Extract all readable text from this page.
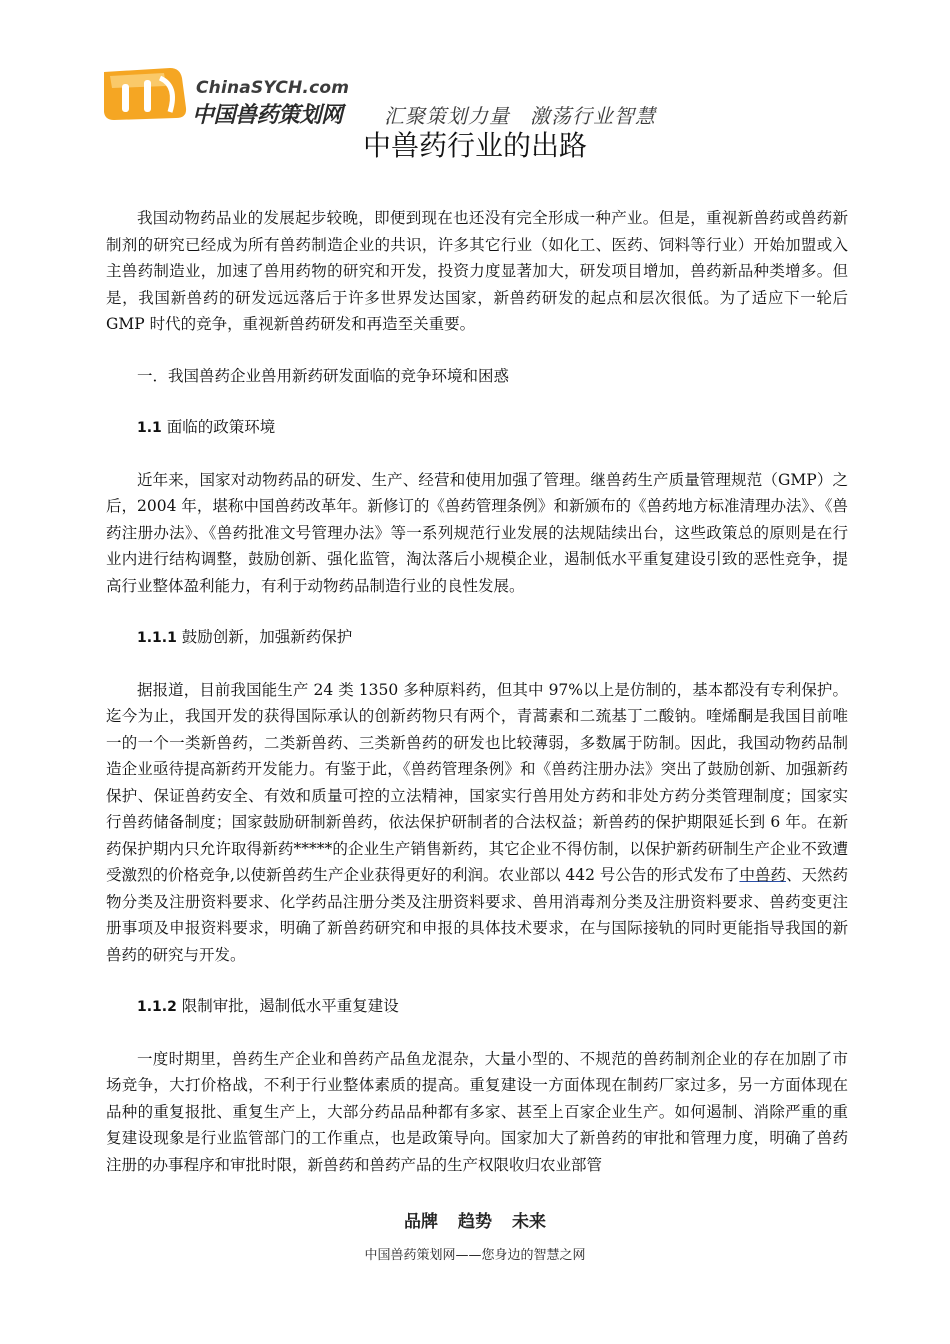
ChinaSYCH.com
中国兽药策划网 汇聚策划力量 激荡行业智慧
中兽药行业的出路

我国动物药品业的发展起步较晚，即便到现在也还没有完全形成一种产业。但是，重视新兽药或兽药新制剂的研究已经成为所有兽药制造企业的共识，许多其它行业（如化工、医药、饲料等行业）开始加盟或入主兽药制造业，加速了兽用药物的研究和开发，投资力度显著加大，研发项目增加，兽药新品种类增多。但是，我国新兽药的研发远远落后于许多世界发达国家，新兽药研发的起点和层次很低。为了适应下一轮后 GMP 时代的竞争，重视新兽药研发和再造至关重要。

一．我国兽药企业兽用新药研发面临的竞争环境和困惑

1.1 面临的政策环境

近年来，国家对动物药品的研发、生产、经营和使用加强了管理。继兽药生产质量管理规范（GMP）之后，2004 年，堪称中国兽药改革年。新修订的《兽药管理条例》和新颁布的《兽药地方标准清理办法》、《兽药注册办法》、《兽药批准文号管理办法》等一系列规范行业发展的法规陆续出台，这些政策总的原则是在行业内进行结构调整，鼓励创新、强化监管，淘汰落后小规模企业，遏制低水平重复建设引致的恶性竞争，提高行业整体盈利能力，有利于动物药品制造行业的良性发展。

1.1.1 鼓励创新，加强新药保护

据报道，目前我国能生产 24 类 1350 多种原料药，但其中 97%以上是仿制的，基本都没有专利保护。迄今为止，我国开发的获得国际承认的创新药物只有两个，青蒿素和二巯基丁二酸钠。喹烯酮是我国目前唯一的一个一类新兽药，二类新兽药、三类新兽药的研发也比较薄弱，多数属于防制。因此，我国动物药品制造企业亟待提高新药开发能力。有鉴于此，《兽药管理条例》和《兽药注册办法》突出了鼓励创新、加强新药保护、保证兽药安全、有效和质量可控的立法精神，国家实行兽用处方药和非处方药分类管理制度；国家实行兽药储备制度；国家鼓励研制新兽药，依法保护研制者的合法权益；新兽药的保护期限延长到 6 年。在新药保护期内只允许取得新药*****的企业生产销售新药，其它企业不得仿制，以保护新药研制生产企业不致遭受激烈的价格竞争,以使新兽药生产企业获得更好的利润。农业部以 442 号公告的形式发布了中兽药、天然药物分类及注册资料要求、化学药品注册分类及注册资料要求、兽用消毒剂分类及注册资料要求、兽药变更注册事项及申报资料要求，明确了新兽药研究和申报的具体技术要求，在与国际接轨的同时更能指导我国的新兽药的研究与开发。

1.1.2 限制审批，遏制低水平重复建设

一度时期里，兽药生产企业和兽药产品鱼龙混杂，大量小型的、不规范的兽药制剂企业的存在加剧了市场竞争，大打价格战，不利于行业整体素质的提高。重复建设一方面体现在制药厂家过多，另一方面体现在品种的重复报批、重复生产上，大部分药品品种都有多家、甚至上百家企业生产。如何遏制、消除严重的重复建设现象是行业监管部门的工作重点，也是政策导向。国家加大了新兽药的审批和管理力度，明确了兽药注册的办事程序和审批时限，新兽药和兽药产品的生产权限收归农业部管

品牌 趋势 未来
中国兽药策划网——您身边的智慧之网
